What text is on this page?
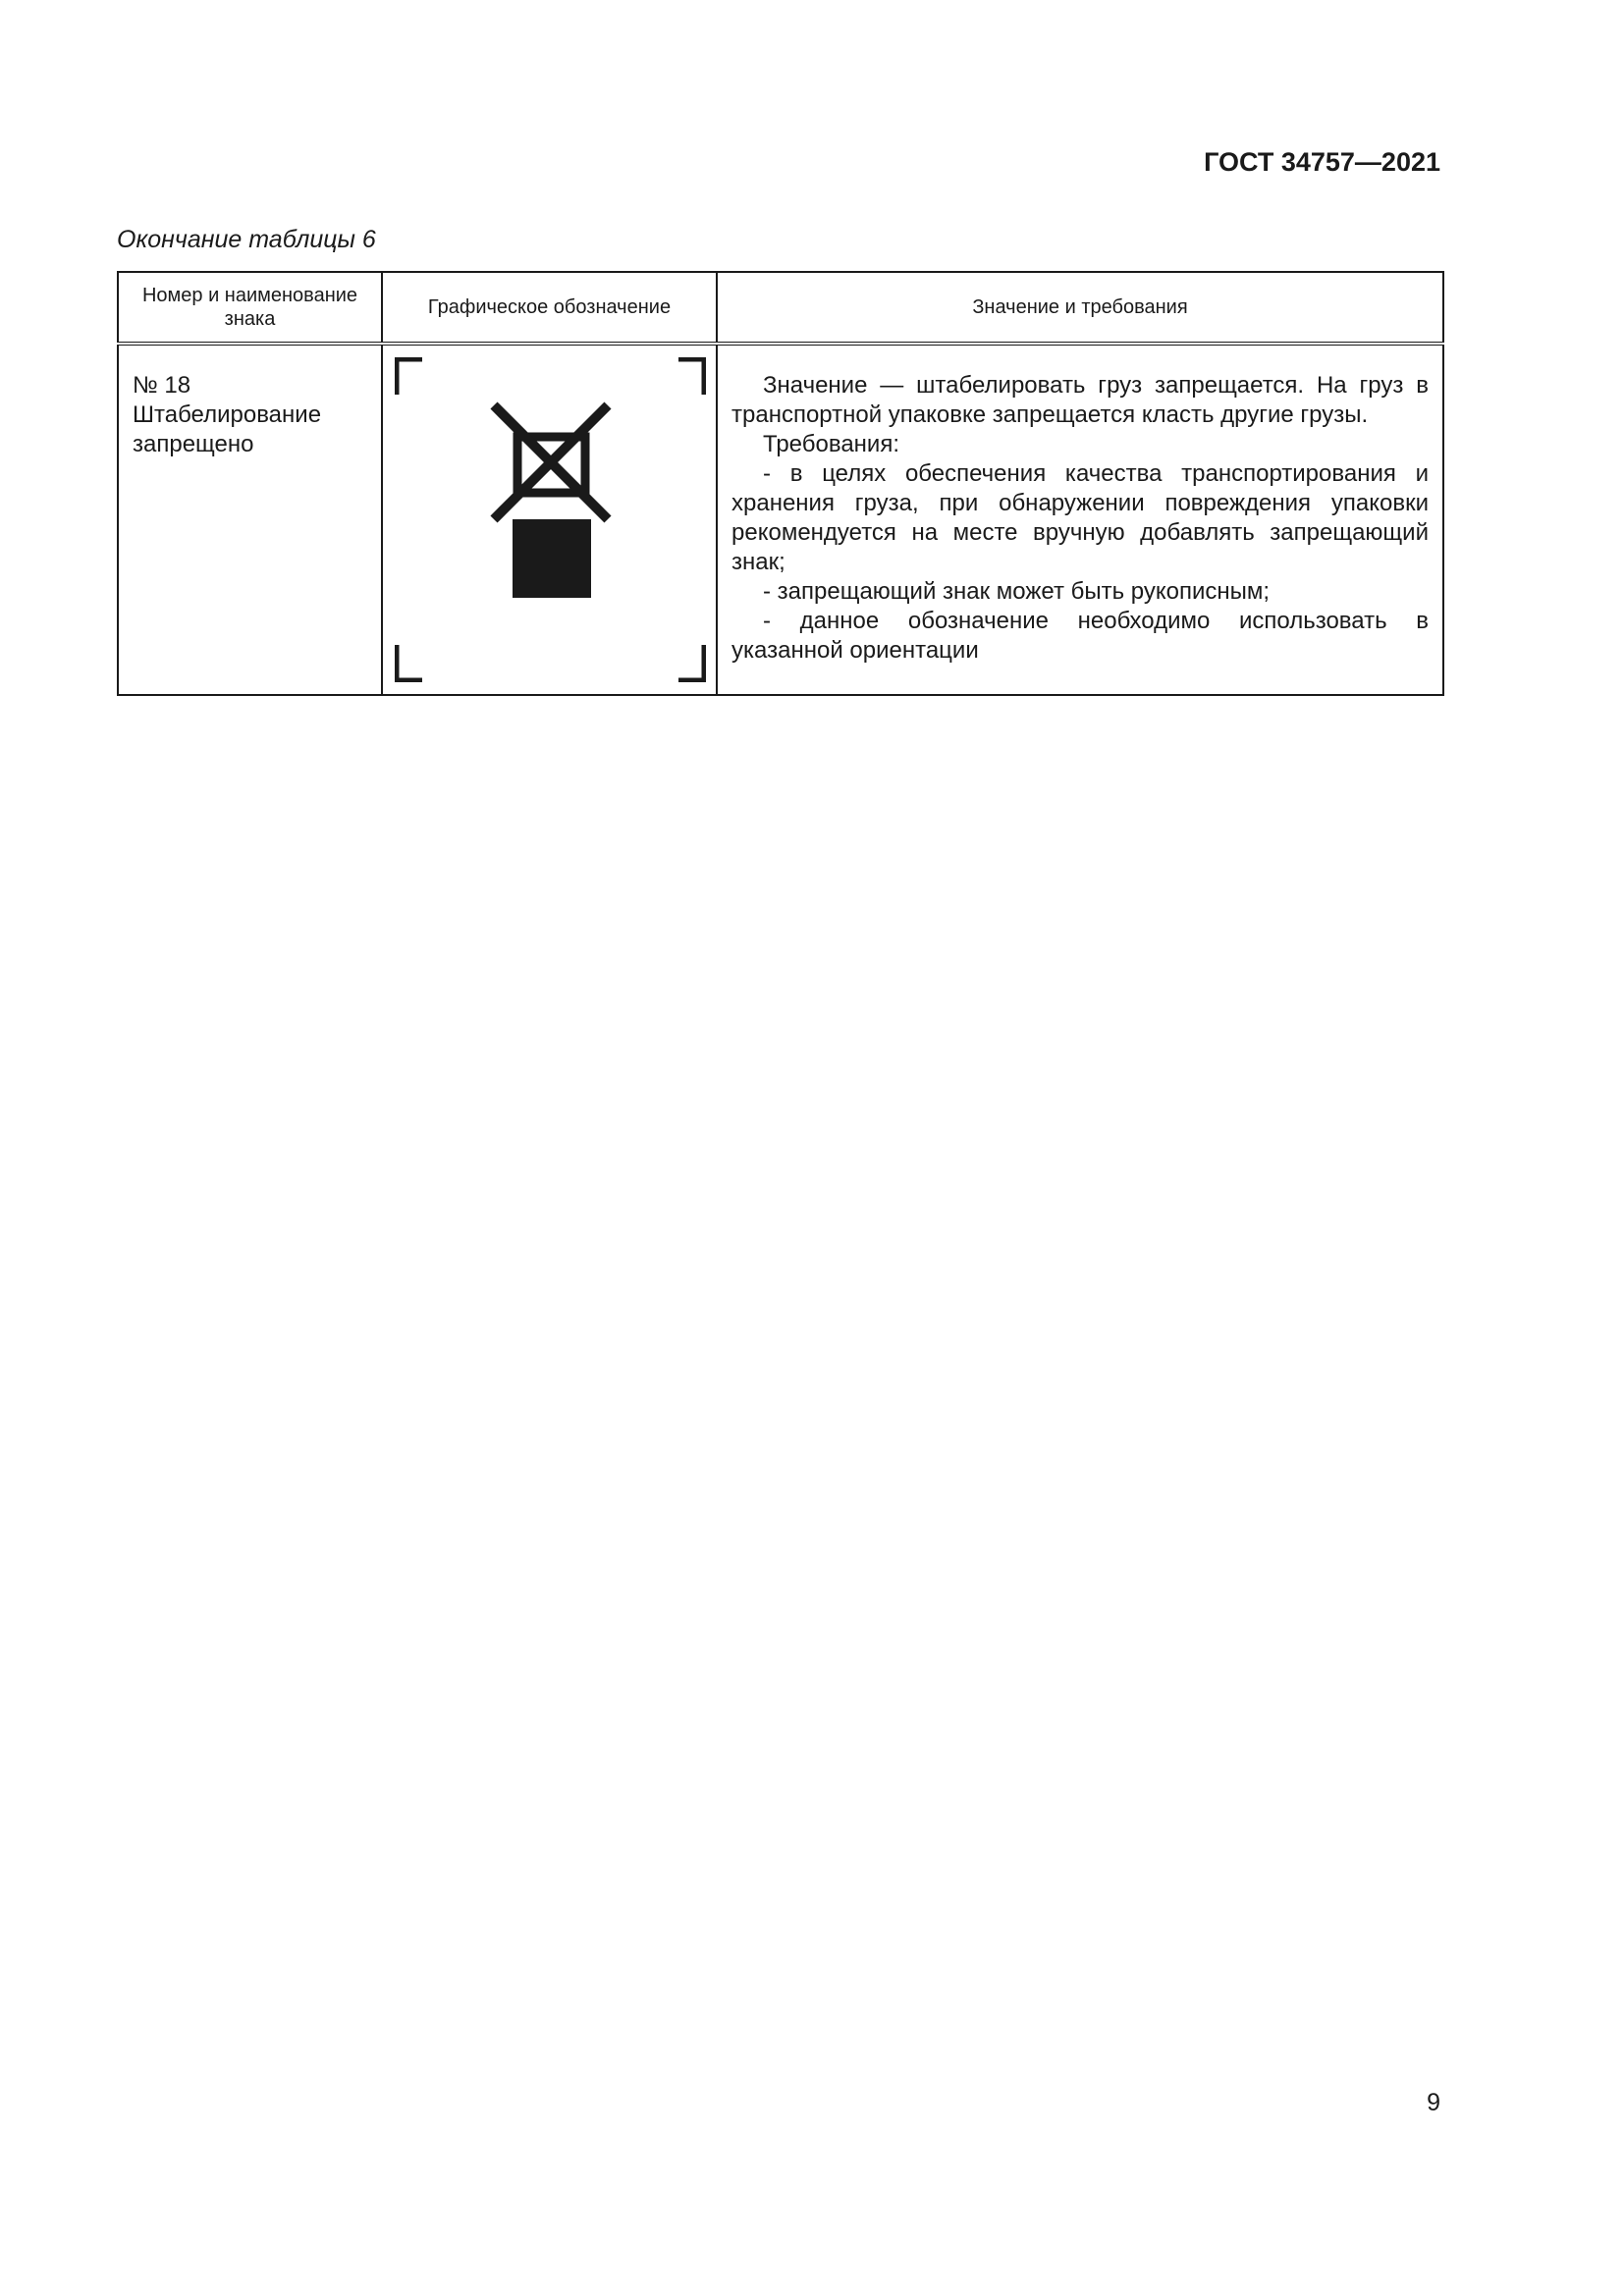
ГОСТ 34757—2021
Окончание таблицы 6
Номер и наименование знака	Графическое обозначение	Значение и требования
№ 18 Штабелирование запрещено		Значение — штабелировать груз запрещается. На груз в транспортной упаковке запрещается класть другие грузы.

Требования:

- в целях обеспечения качества транспортирования и хранения груза, при обнаружении повреждения упаковки рекомендуется на месте вручную добавлять запрещающий знак;

- запрещающий знак может быть рукописным;

- данное обозначение необходимо использовать в указанной ориентации

9
